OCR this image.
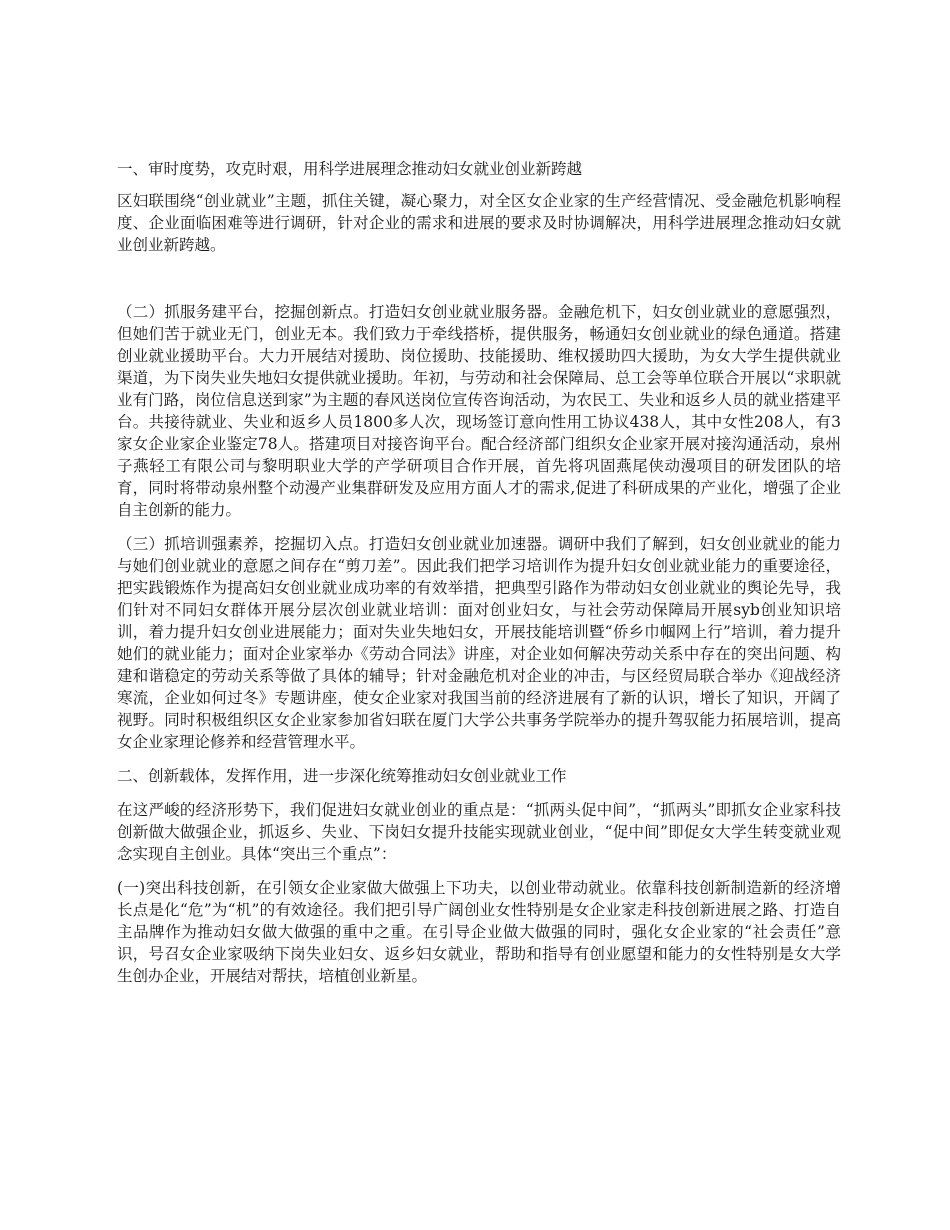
一、审时度势，攻克时艰，用科学进展理念推动妇女就业创业新跨越

区妇联围绕“创业就业”主题，抓住关键，凝心聚力，对全区女企业家的生产经营情况、受金融危机影响程度、企业面临困难等进行调研，针对企业的需求和进展的要求及时协调解决，用科学进展理念推动妇女就业创业新跨越。

（二）抓服务建平台，挖掘创新点。打造妇女创业就业服务器。金融危机下，妇女创业就业的意愿强烈，但她们苦于就业无门，创业无本。我们致力于牵线搭桥，提供服务，畅通妇女创业就业的绿色通道。搭建创业就业援助平台。大力开展结对援助、岗位援助、技能援助、维权援助四大援助，为女大学生提供就业渠道，为下岗失业失地妇女提供就业援助。年初，与劳动和社会保障局、总工会等单位联合开展以“求职就业有门路，岗位信息送到家”为主题的春风送岗位宣传咨询活动，为农民工、失业和返乡人员的就业搭建平台。共接待就业、失业和返乡人员1800多人次，现场签订意向性用工协议438人，其中女性208人，有3家女企业家企业鉴定78人。搭建项目对接咨询平台。配合经济部门组织女企业家开展对接沟通活动，泉州子燕轻工有限公司与黎明职业大学的产学研项目合作开展，首先将巩固燕尾侠动漫项目的研发团队的培育，同时将带动泉州整个动漫产业集群研发及应用方面人才的需求,促进了科研成果的产业化，增强了企业自主创新的能力。

（三）抓培训强素养，挖掘切入点。打造妇女创业就业加速器。调研中我们了解到，妇女创业就业的能力与她们创业就业的意愿之间存在“剪刀差”。因此我们把学习培训作为提升妇女创业就业能力的重要途径，把实践锻炼作为提高妇女创业就业成功率的有效举措，把典型引路作为带动妇女创业就业的舆论先导，我们针对不同妇女群体开展分层次创业就业培训：面对创业妇女，与社会劳动保障局开展syb创业知识培训，着力提升妇女创业进展能力；面对失业失地妇女，开展技能培训暨“侨乡巾帼网上行”培训，着力提升她们的就业能力；面对企业家举办《劳动合同法》讲座，对企业如何解决劳动关系中存在的突出问题、构建和谐稳定的劳动关系等做了具体的辅导；针对金融危机对企业的冲击，与区经贸局联合举办《迎战经济寒流，企业如何过冬》专题讲座，使女企业家对我国当前的经济进展有了新的认识，增长了知识，开阔了视野。同时积极组织区女企业家参加省妇联在厦门大学公共事务学院举办的提升驾驭能力拓展培训，提高女企业家理论修养和经营管理水平。

二、创新载体，发挥作用，进一步深化统筹推动妇女创业就业工作

在这严峻的经济形势下，我们促进妇女就业创业的重点是：“抓两头促中间”，“抓两头”即抓女企业家科技创新做大做强企业，抓返乡、失业、下岗妇女提升技能实现就业创业，“促中间”即促女大学生转变就业观念实现自主创业。具体“突出三个重点”：

(一)突出科技创新，在引领女企业家做大做强上下功夫，以创业带动就业。依靠科技创新制造新的经济增长点是化“危”为“机”的有效途径。我们把引导广阔创业女性特别是女企业家走科技创新进展之路、打造自主品牌作为推动妇女做大做强的重中之重。在引导企业做大做强的同时，强化女企业家的“社会责任”意识，号召女企业家吸纳下岗失业妇女、返乡妇女就业，帮助和指导有创业愿望和能力的女性特别是女大学生创办企业，开展结对帮扶，培植创业新星。
